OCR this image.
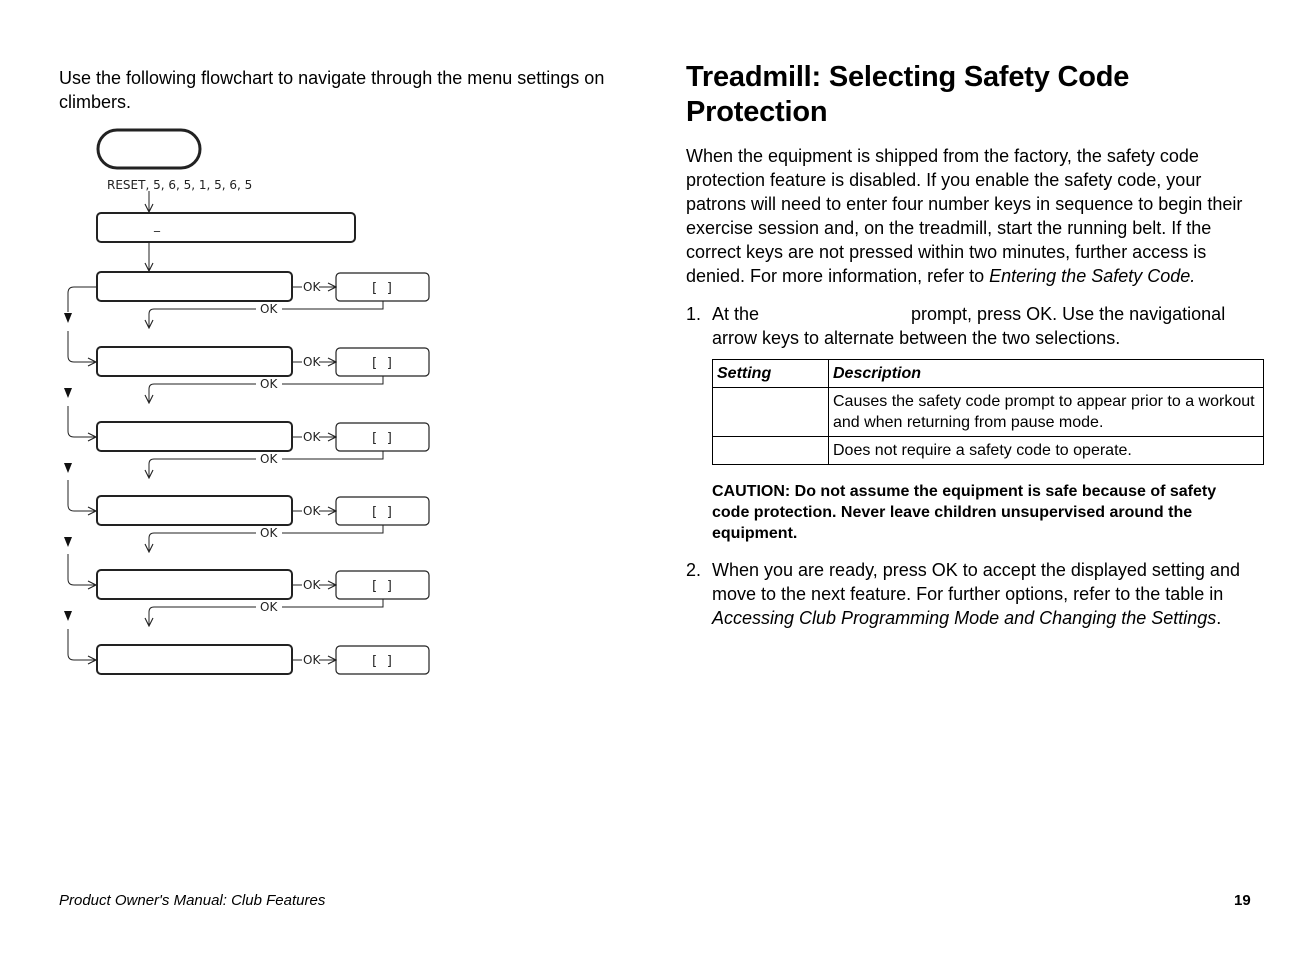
Use the following flowchart to navigate through the menu settings on climbers.
RESET, 5, 6, 5, 1, 5, 6, 5
_
OK	[ ]
OK
OK	[ ]
OK
OK	[ ]
OK
OK	[ ]
OK
OK	[ ]
OK
OK	[ ]
Treadmill: Selecting Safety Code Protection

When the equipment is shipped from the factory, the safety code protection feature is disabled. If you enable the safety code, your patrons will need to enter four number keys in sequence to begin their exercise session and, on the treadmill, start the running belt. If the correct keys are not pressed within two minutes, further access is denied. For more information, refer to Entering the Safety Code.

1. At the	prompt, press OK. Use the navigational arrow keys to alternate between the two selections.
Setting	Description
	Causes the safety code prompt to appear prior to a workout and when returning from pause mode.
	Does not require a safety code to operate.
CAUTION: Do not assume the equipment is safe because of safety code protection. Never leave children unsupervised around the equipment.
2. When you are ready, press OK to accept the displayed setting and move to the next feature. For further options, refer to the table in Accessing Club Programming Mode and Changing the Settings.
Product Owner's Manual: Club Features	19
